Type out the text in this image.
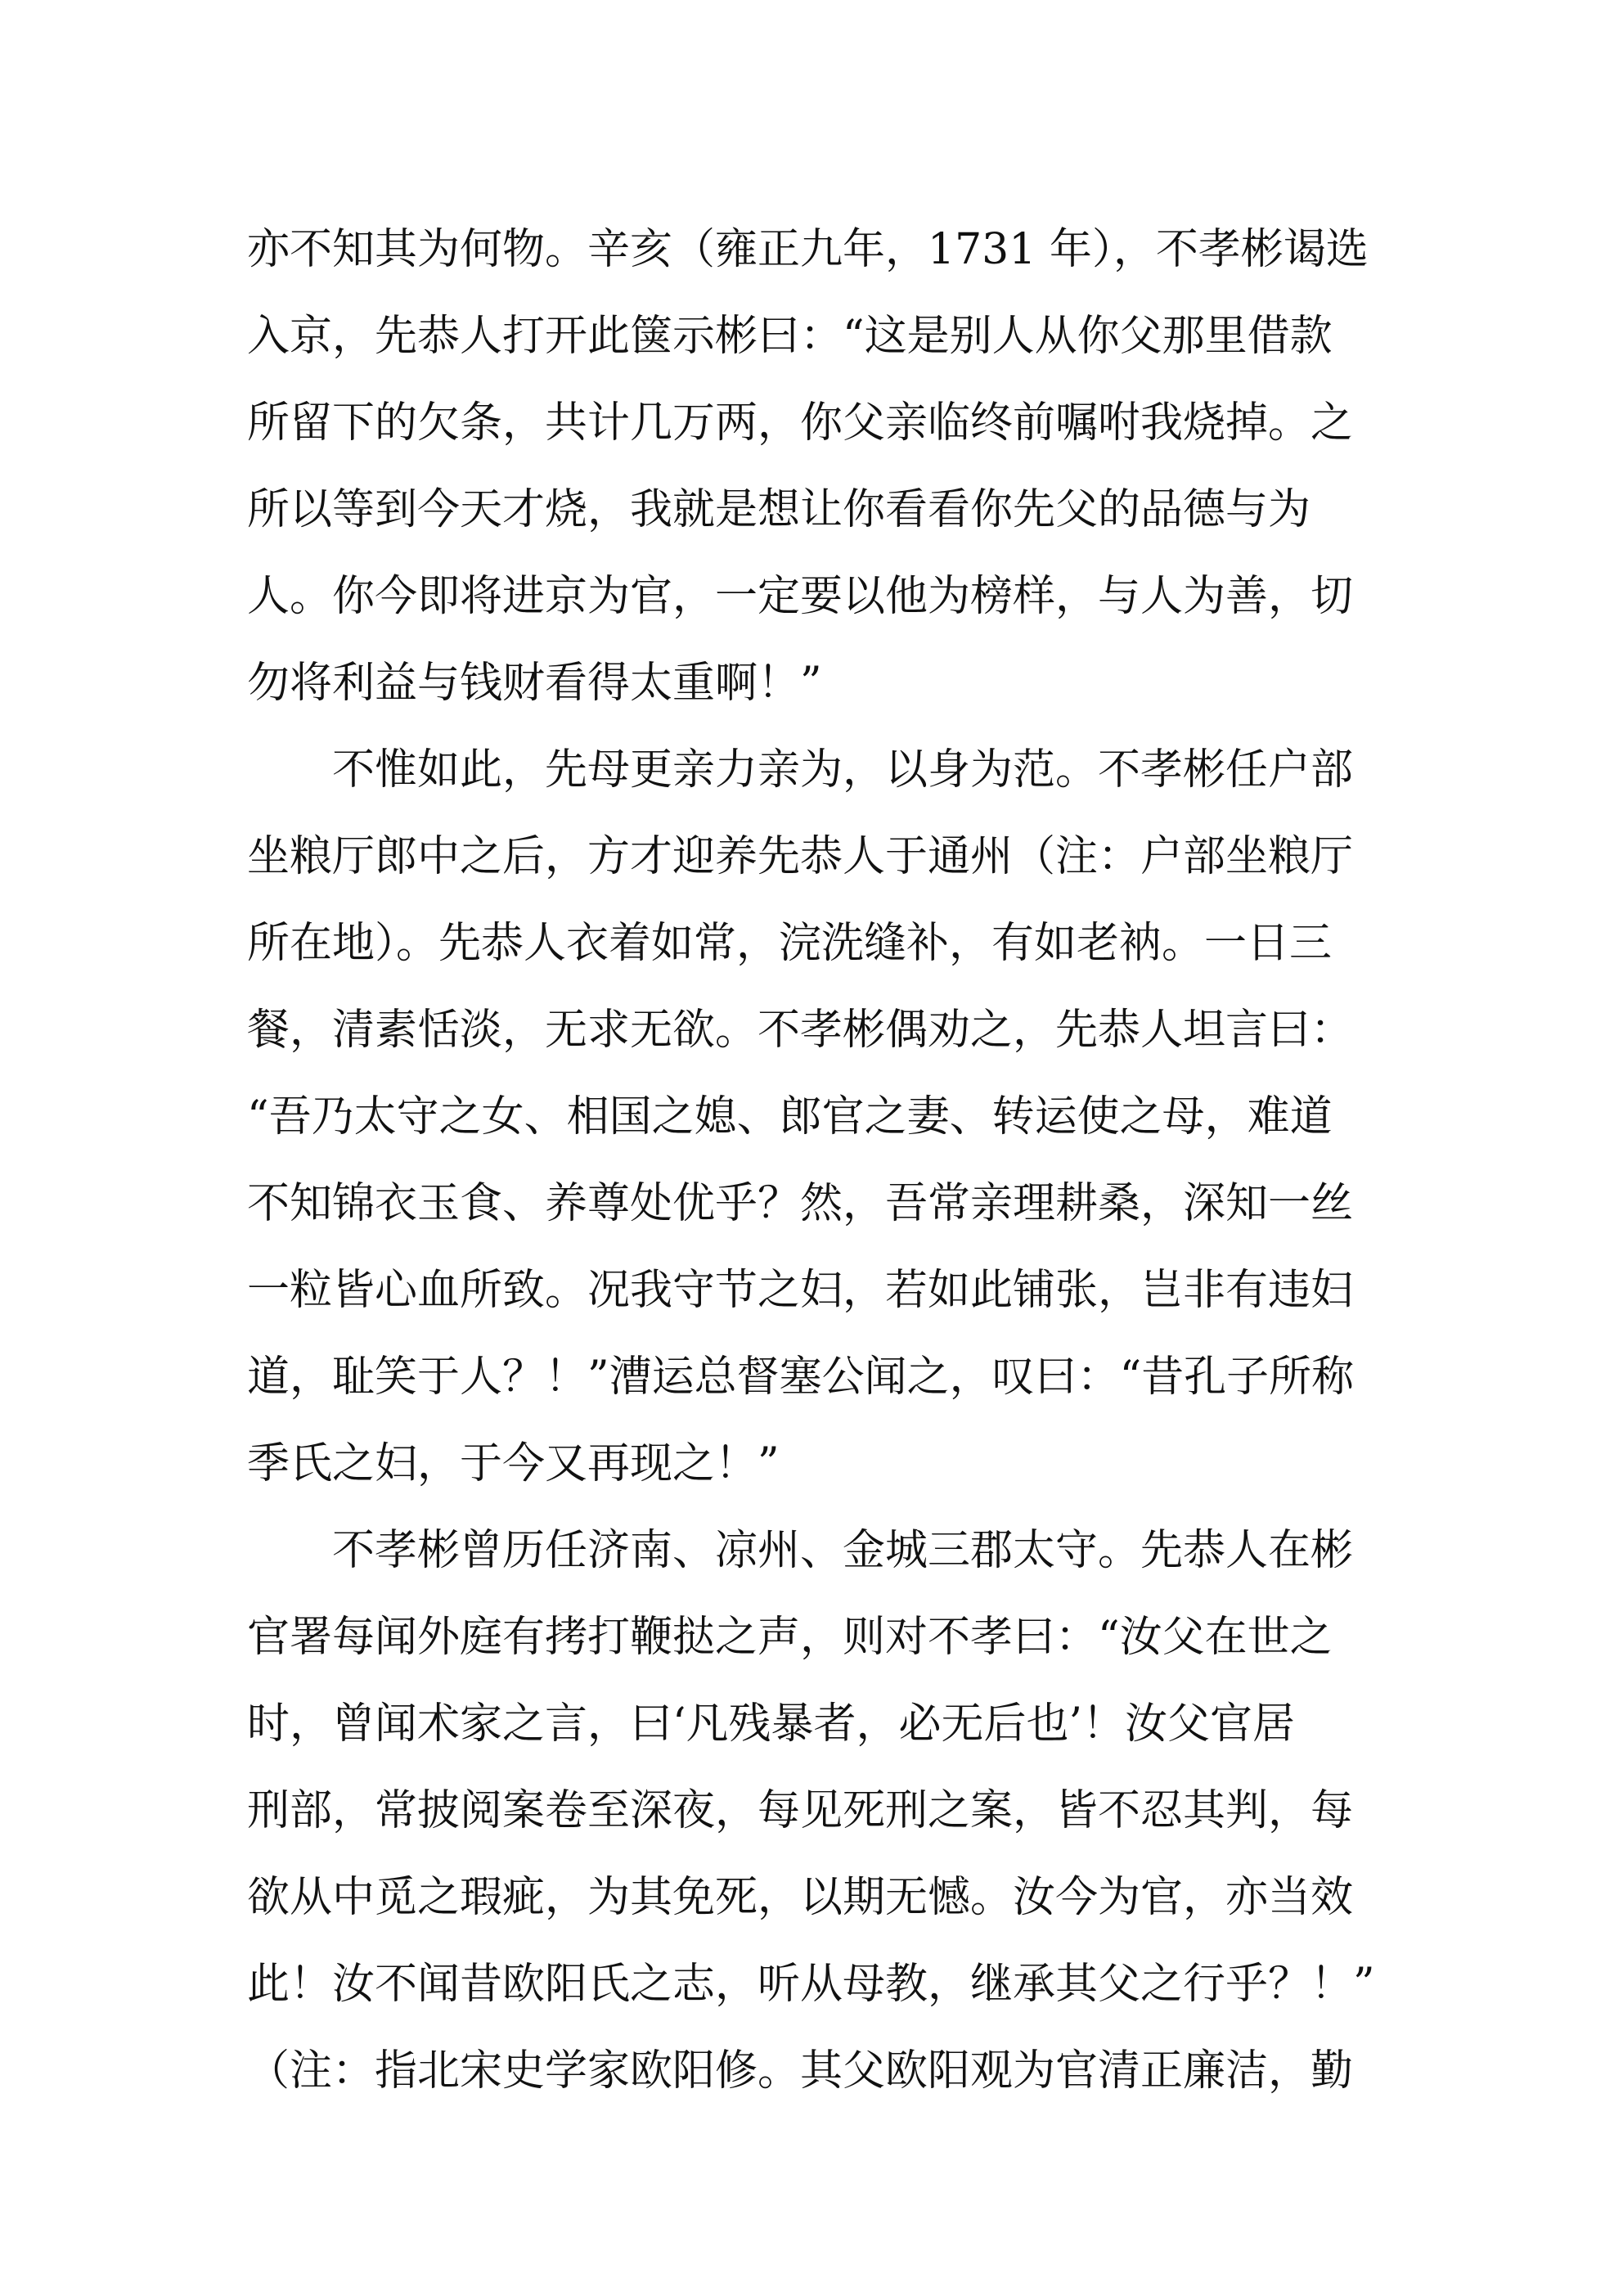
亦不知其为何物。辛亥（雍正九年，1731 年），不孝彬谒选
入京，先恭人打开此箧示彬曰：“这是别人从你父那里借款
所留下的欠条，共计几万两，你父亲临终前嘱咐我烧掉。之
所以等到今天才烧，我就是想让你看看你先父的品德与为
人。你今即将进京为官，一定要以他为榜样，与人为善，切
勿将利益与钱财看得太重啊！”
不惟如此，先母更亲力亲为，以身为范。不孝彬任户部
坐粮厅郎中之后，方才迎养先恭人于通州（注：户部坐粮厅
所在地）。先恭人衣着如常，浣洗缝补，有如老衲。一日三
餐，清素恬淡，无求无欲。不孝彬偶劝之，先恭人坦言曰：
“吾乃太守之女、相国之媳、郎官之妻、转运使之母，难道
不知锦衣玉食、养尊处优乎？然，吾常亲理耕桑，深知一丝
一粒皆心血所致。况我守节之妇，若如此铺张，岂非有违妇
道，耻笑于人？！”漕运总督塞公闻之，叹曰：“昔孔子所称
季氏之妇，于今又再现之！”
不孝彬曾历任济南、凉州、金城三郡太守。先恭人在彬
官署每闻外庭有拷打鞭挞之声，则对不孝曰：“汝父在世之
时，曾闻术家之言，曰‘凡残暴者，必无后也’！汝父官居
刑部，常披阅案卷至深夜，每见死刑之案，皆不忍其判，每
欲从中觅之瑕疵，为其免死，以期无憾。汝今为官，亦当效
此！汝不闻昔欧阳氏之志，听从母教，继承其父之行乎？！”
（注：指北宋史学家欧阳修。其父欧阳观为官清正廉洁，勤
